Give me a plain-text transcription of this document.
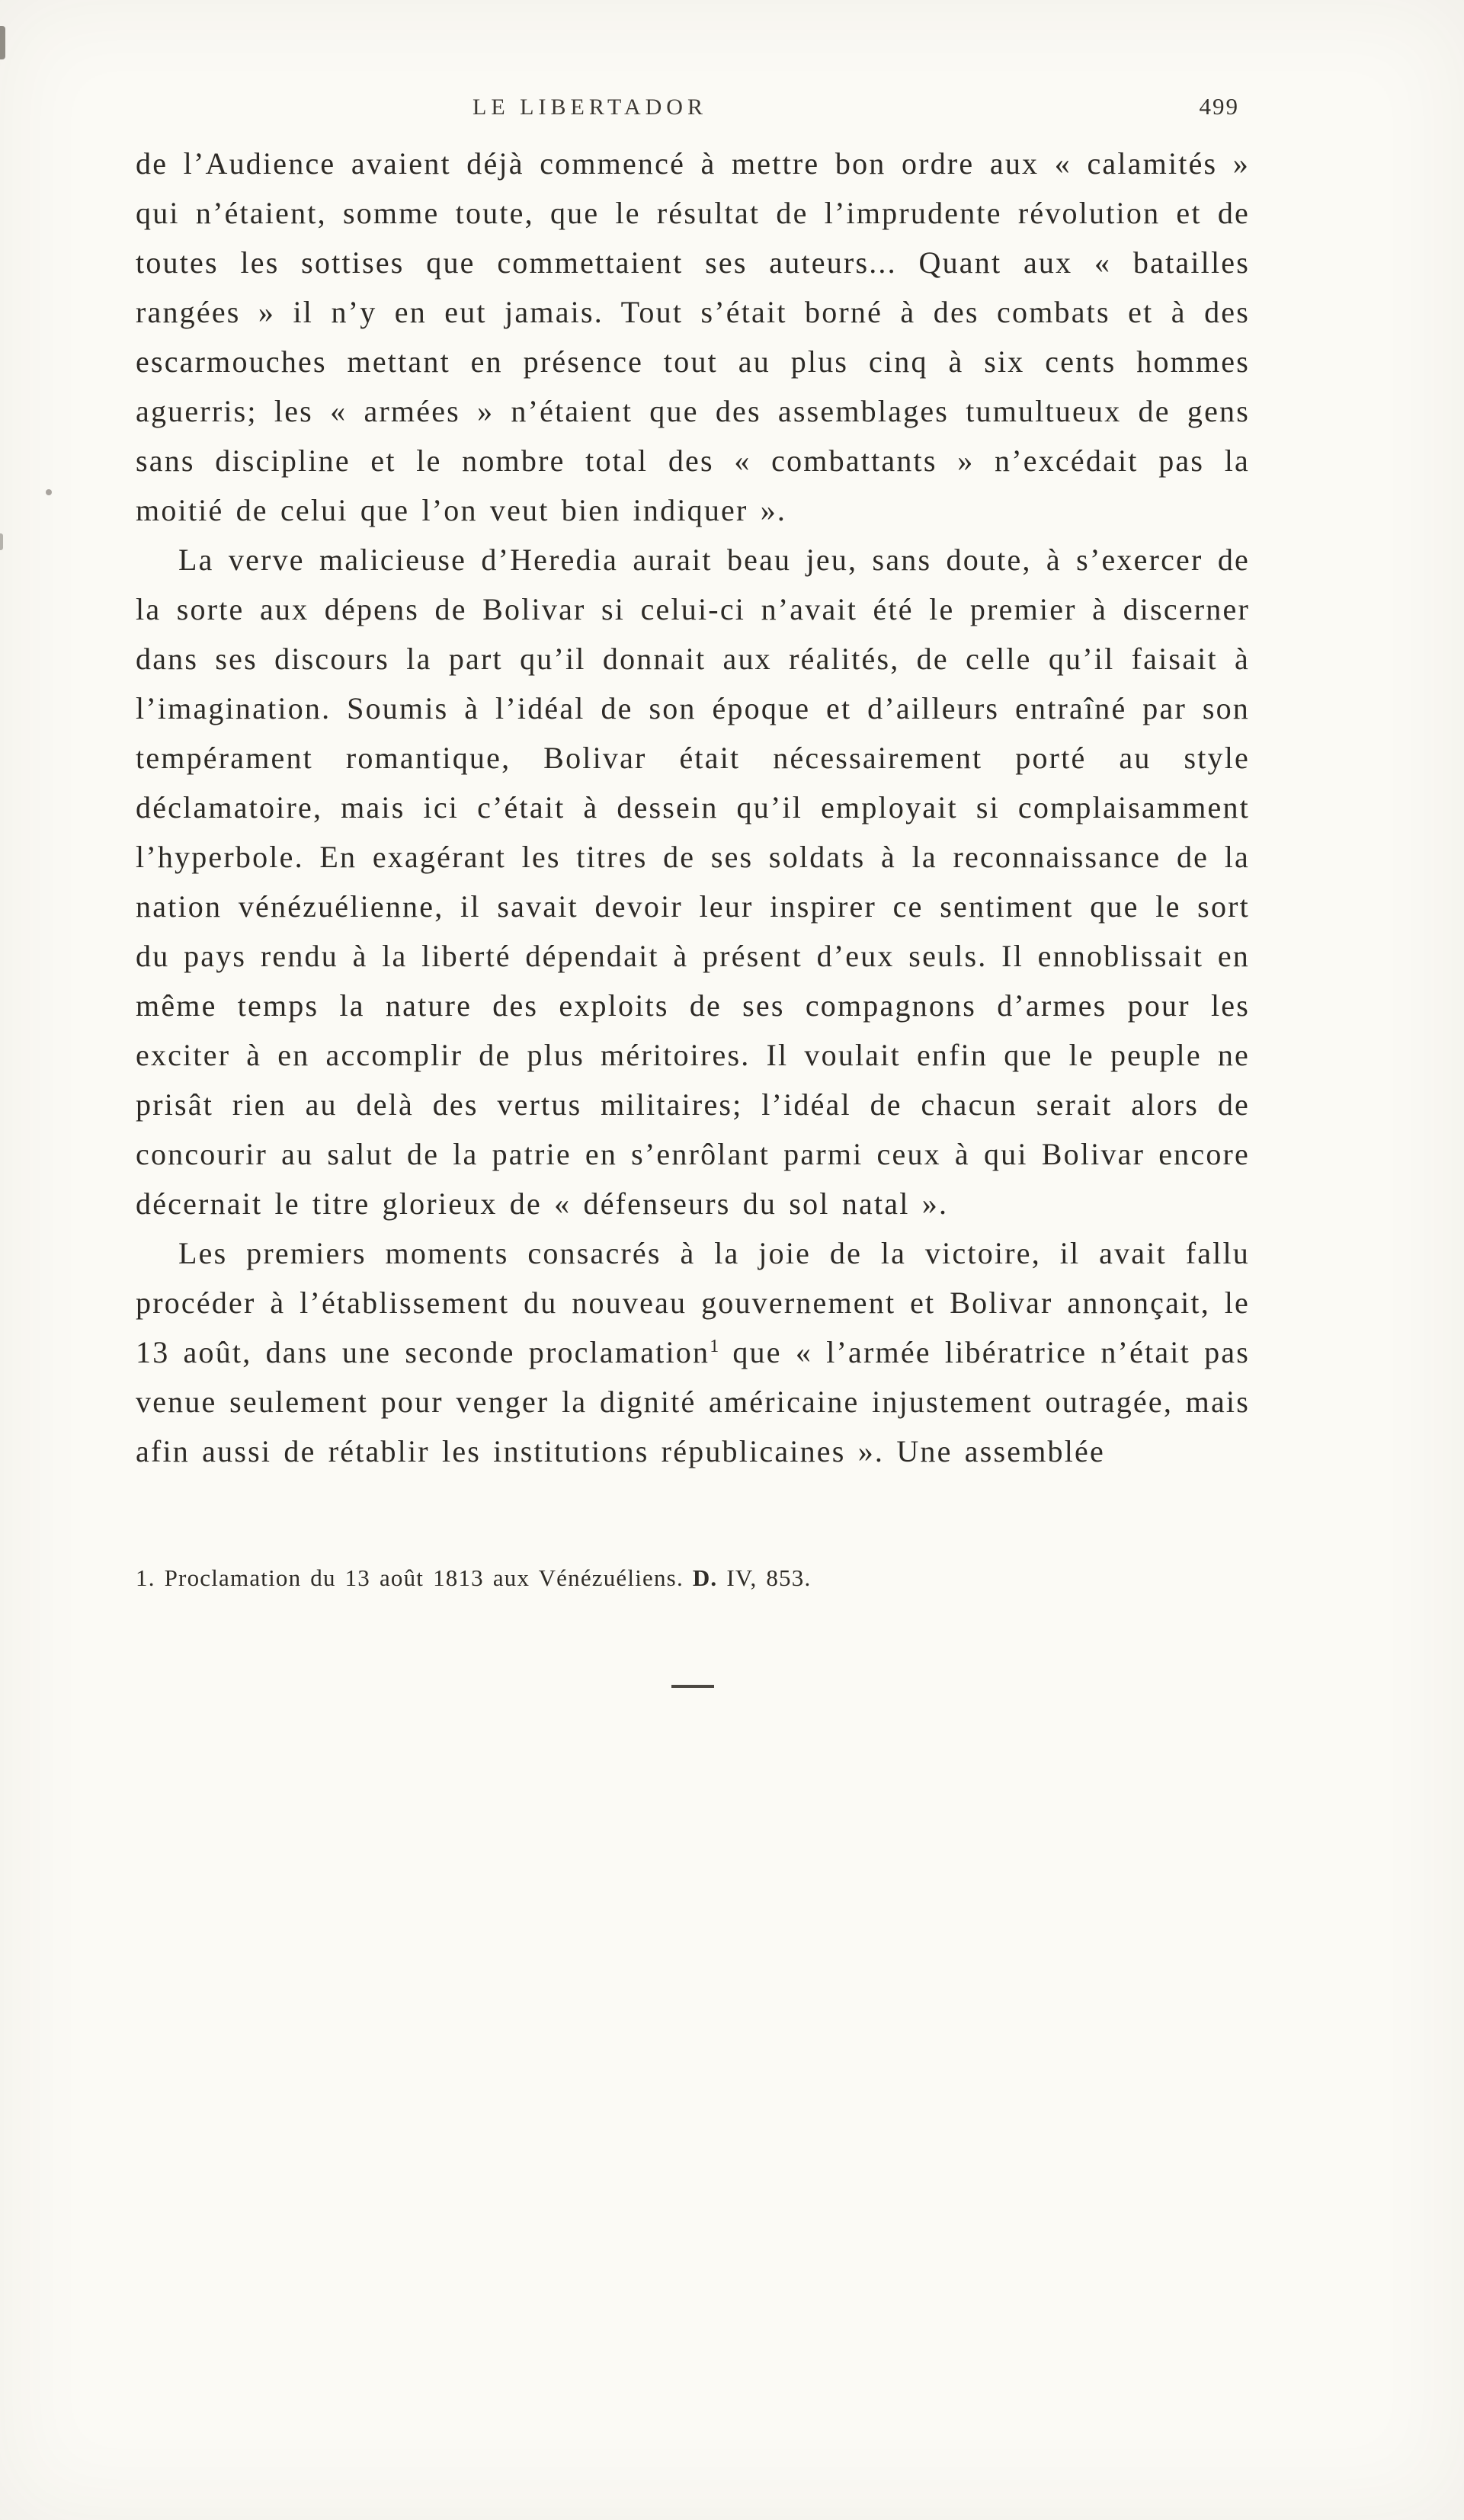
LE LIBERTADOR	499

de l’Audience avaient déjà commencé à mettre bon ordre aux « calamités » qui n’étaient, somme toute, que le résultat de l’imprudente révolution et de toutes les sottises que commettaient ses auteurs... Quant aux « batailles rangées » il n’y en eut jamais. Tout s’était borné à des combats et à des escarmouches mettant en présence tout au plus cinq à six cents hommes aguerris; les « armées » n’étaient que des assemblages tumultueux de gens sans discipline et le nombre total des « combattants » n’excédait pas la moitié de celui que l’on veut bien indiquer ».

La verve malicieuse d’Heredia aurait beau jeu, sans doute, à s’exercer de la sorte aux dépens de Bolivar si celui-ci n’avait été le premier à discerner dans ses discours la part qu’il donnait aux réalités, de celle qu’il faisait à l’imagination. Soumis à l’idéal de son époque et d’ailleurs entraîné par son tempérament romantique, Bolivar était nécessairement porté au style déclamatoire, mais ici c’était à dessein qu’il employait si complaisamment l’hyperbole. En exagérant les titres de ses soldats à la reconnaissance de la nation vénézuélienne, il savait devoir leur inspirer ce sentiment que le sort du pays rendu à la liberté dépendait à présent d’eux seuls. Il ennoblissait en même temps la nature des exploits de ses compagnons d’armes pour les exciter à en accomplir de plus méritoires. Il voulait enfin que le peuple ne prisât rien au delà des vertus militaires; l’idéal de chacun serait alors de concourir au salut de la patrie en s’enrôlant parmi ceux à qui Bolivar encore décernait le titre glorieux de « défenseurs du sol natal ».

Les premiers moments consacrés à la joie de la victoire, il avait fallu procéder à l’établissement du nouveau gouvernement et Bolivar annonçait, le 13 août, dans une seconde proclamation$^1$ que « l’armée libératrice n’était pas venue seulement pour venger la dignité américaine injustement outragée, mais afin aussi de rétablir les institutions républicaines ». Une assemblée

1. Proclamation du 13 août 1813 aux Vénézuéliens. D. IV, 853.
